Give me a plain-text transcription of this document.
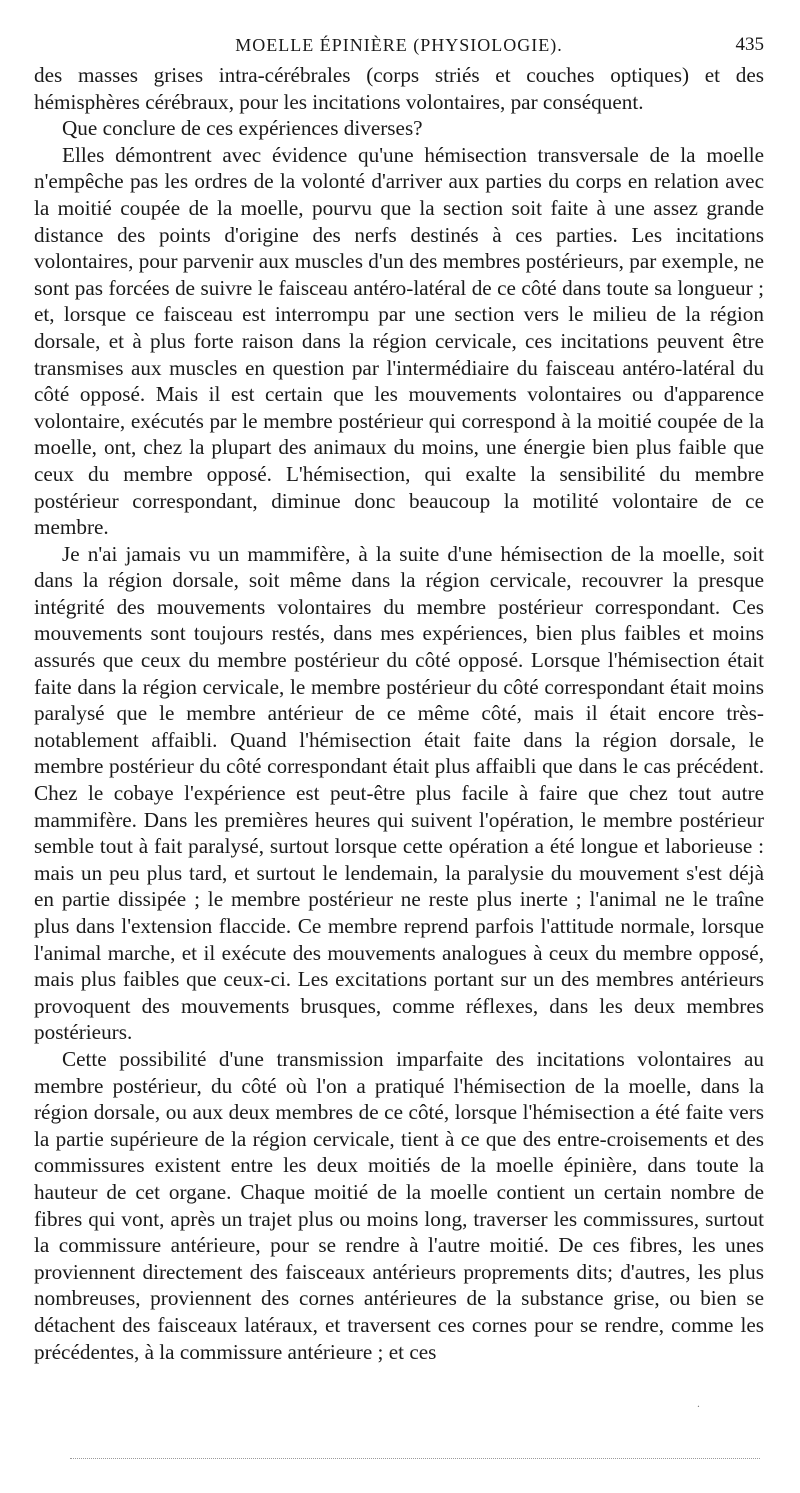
MOELLE ÉPINIÈRE (PHYSIOLOGIE).	435

des masses grises intra-cérébrales (corps striés et couches optiques) et des hémisphères cérébraux, pour les incitations volontaires, par conséquent.

Que conclure de ces expériences diverses?

Elles démontrent avec évidence qu'une hémisection transversale de la moelle n'empêche pas les ordres de la volonté d'arriver aux parties du corps en relation avec la moitié coupée de la moelle, pourvu que la section soit faite à une assez grande distance des points d'origine des nerfs destinés à ces parties. Les incitations volontaires, pour parvenir aux muscles d'un des membres postérieurs, par exemple, ne sont pas forcées de suivre le faisceau antéro-latéral de ce côté dans toute sa longueur ; et, lorsque ce faisceau est interrompu par une section vers le milieu de la région dorsale, et à plus forte raison dans la région cervicale, ces incitations peuvent être transmises aux muscles en question par l'intermédiaire du faisceau antéro-latéral du côté opposé. Mais il est certain que les mouvements volontaires ou d'apparence volontaire, exécutés par le membre postérieur qui correspond à la moitié coupée de la moelle, ont, chez la plupart des animaux du moins, une énergie bien plus faible que ceux du membre opposé. L'hémisection, qui exalte la sensibilité du membre postérieur correspondant, diminue donc beaucoup la motilité volontaire de ce membre.

Je n'ai jamais vu un mammifère, à la suite d'une hémisection de la moelle, soit dans la région dorsale, soit même dans la région cervicale, recouvrer la presque intégrité des mouvements volontaires du membre postérieur correspondant. Ces mouvements sont toujours restés, dans mes expériences, bien plus faibles et moins assurés que ceux du membre postérieur du côté opposé. Lorsque l'hémisection était faite dans la région cervicale, le membre postérieur du côté correspondant était moins paralysé que le membre antérieur de ce même côté, mais il était encore très-notablement affaibli. Quand l'hémisection était faite dans la région dorsale, le membre postérieur du côté correspondant était plus affaibli que dans le cas précédent. Chez le cobaye l'expérience est peut-être plus facile à faire que chez tout autre mammifère. Dans les premières heures qui suivent l'opération, le membre postérieur semble tout à fait paralysé, surtout lorsque cette opération a été longue et laborieuse : mais un peu plus tard, et surtout le lendemain, la paralysie du mouvement s'est déjà en partie dissipée ; le membre postérieur ne reste plus inerte ; l'animal ne le traîne plus dans l'extension flaccide. Ce membre reprend parfois l'attitude normale, lorsque l'animal marche, et il exécute des mouvements analogues à ceux du membre opposé, mais plus faibles que ceux-ci. Les excitations portant sur un des membres antérieurs provoquent des mouvements brusques, comme réflexes, dans les deux membres postérieurs.

Cette possibilité d'une transmission imparfaite des incitations volontaires au membre postérieur, du côté où l'on a pratiqué l'hémisection de la moelle, dans la région dorsale, ou aux deux membres de ce côté, lorsque l'hémisection a été faite vers la partie supérieure de la région cervicale, tient à ce que des entre-croisements et des commissures existent entre les deux moitiés de la moelle épinière, dans toute la hauteur de cet organe. Chaque moitié de la moelle contient un certain nombre de fibres qui vont, après un trajet plus ou moins long, traverser les commissures, surtout la commissure antérieure, pour se rendre à l'autre moitié. De ces fibres, les unes proviennent directement des faisceaux antérieurs proprements dits; d'autres, les plus nombreuses, proviennent des cornes antérieures de la substance grise, ou bien se détachent des faisceaux latéraux, et traversent ces cornes pour se rendre, comme les précédentes, à la commissure antérieure ; et ces

·
